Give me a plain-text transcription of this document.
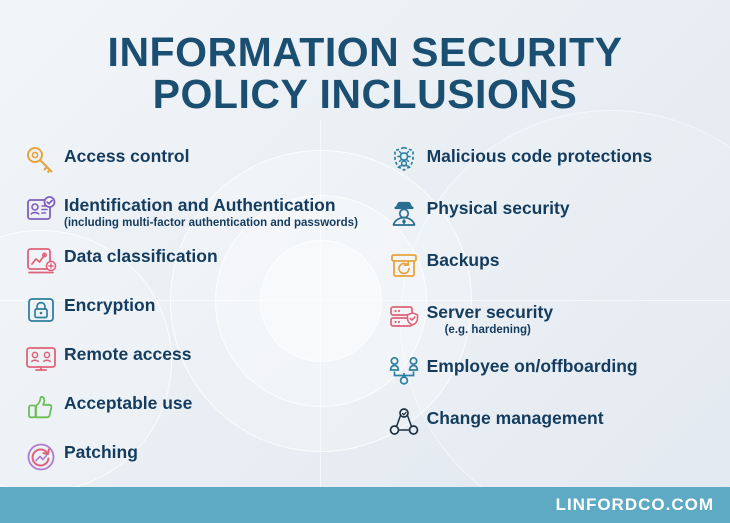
INFORMATION SECURITY
POLICY INCLUSIONS
Access control
Identification and Authentication
(including multi-factor authentication and passwords)
Data classification
Encryption
Remote access
Acceptable use
Patching
Malicious code protections
Physical security
Backups
Server security
(e.g. hardening)
Employee on/offboarding
Change management
LINFORDCO.COM
